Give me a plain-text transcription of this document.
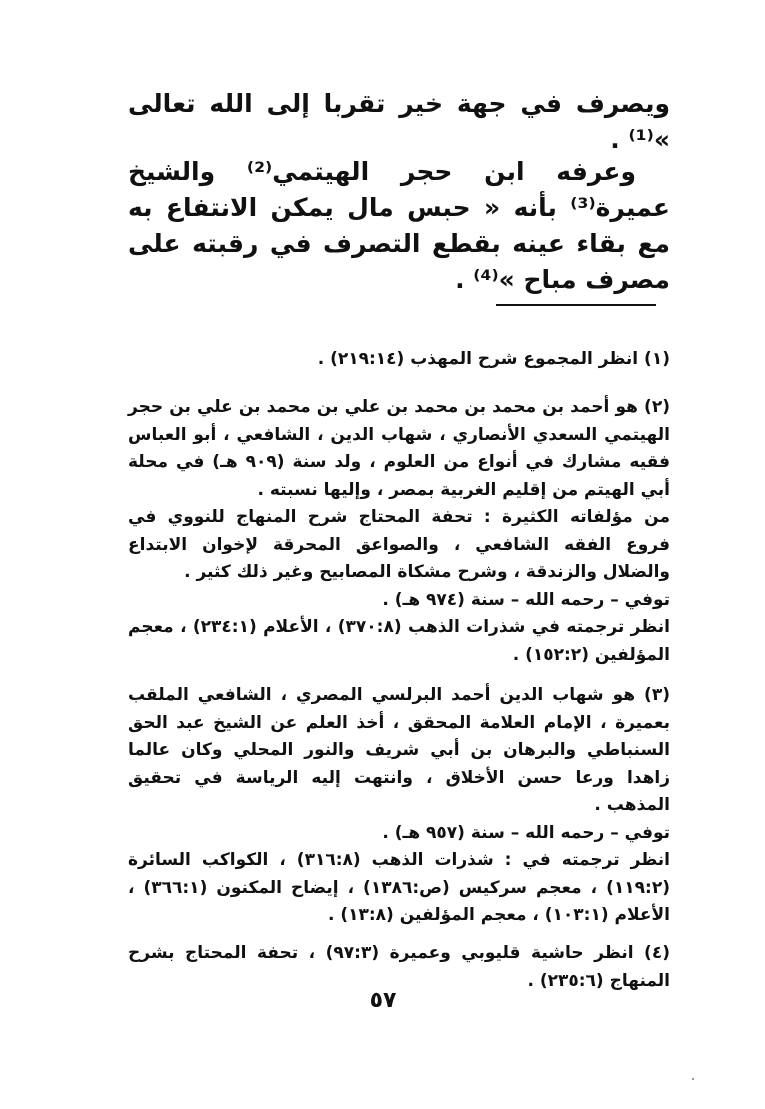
ويصرف في جهة خير تقربا إلى الله تعالى »⁽¹⁾ .

وعرفه ابن حجر الهيتمي⁽²⁾ والشيخ عميرة⁽³⁾ بأنه « حبس مال يمكن الانتفاع به مع بقاء عينه بقطع التصرف في رقبته على مصرف مباح »⁽⁴⁾ .

(١) انظر المجموع شرح المهذب (٢١٩:١٤) .
(٢) هو أحمد بن محمد بن محمد بن علي بن محمد بن علي بن حجر الهيتمي السعدي الأنصاري ، شهاب الدين ، الشافعي ، أبو العباس فقيه مشارك في أنواع من العلوم ، ولد سنة (٩٠٩ هـ) في محلة أبي الهيتم من إقليم الغربية بمصر ، وإليها نسبته .
من مؤلفاته الكثيرة : تحفة المحتاج شرح المنهاج للنووي في فروع الفقه الشافعي ، والصواعق المحرقة لإخوان الابتداع والضلال والزندقة ، وشرح مشكاة المصابيح وغير ذلك كثير .
توفي – رحمه الله – سنة (٩٧٤ هـ) .
انظر ترجمته في شذرات الذهب (٣٧٠:٨) ، الأعلام (٢٣٤:١) ، معجم المؤلفين (١٥٢:٢) .
(٣) هو شهاب الدين أحمد البرلسي المصري ، الشافعي الملقب بعميرة ، الإمام العلامة المحقق ، أخذ العلم عن الشيخ عبد الحق السنباطي والبرهان بن أبي شريف والنور المحلي وكان عالما زاهدا ورعا حسن الأخلاق ، وانتهت إليه الرياسة في تحقيق المذهب .
توفي – رحمه الله – سنة (٩٥٧ هـ) .
انظر ترجمته في : شذرات الذهب (٣١٦:٨) ، الكواكب السائرة (١١٩:٢) ، معجم سركيس (ص:١٣٨٦) ، إيضاح المكنون (٣٦٦:١) ، الأعلام (١٠٣:١) ، معجم المؤلفين (١٣:٨) .
(٤) انظر حاشية قليوبي وعميرة (٩٧:٣) ، تحفة المحتاج بشرح المنهاج (٢٣٥:٦) .
٥٧
